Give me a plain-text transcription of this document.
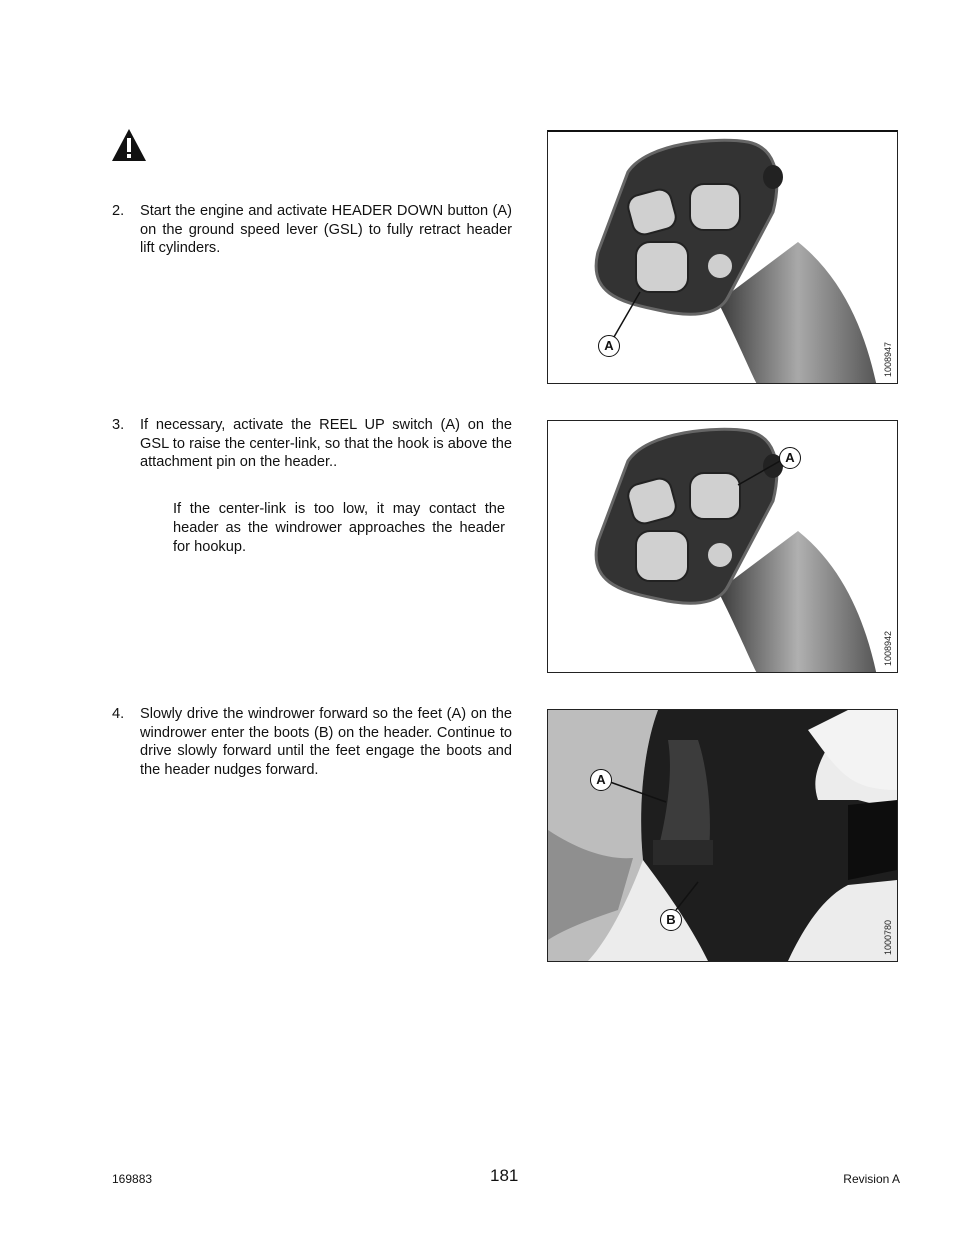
2. Start the engine and activate HEADER DOWN button (A) on the ground speed lever (GSL) to fully retract header lift cylinders.
3. If necessary, activate the REEL UP switch (A) on the GSL to raise the center-link, so that the hook is above the attachment pin on the header..
If the center-link is too low, it may contact the header as the windrower approaches the header for hookup.
4. Slowly drive the windrower forward so the feet (A) on the windrower enter the boots (B) on the header. Continue to drive slowly forward until the feet engage the boots and the header nudges forward.
A	1008947
A
1008942
A
B
1000780
169883	181	Revision A
